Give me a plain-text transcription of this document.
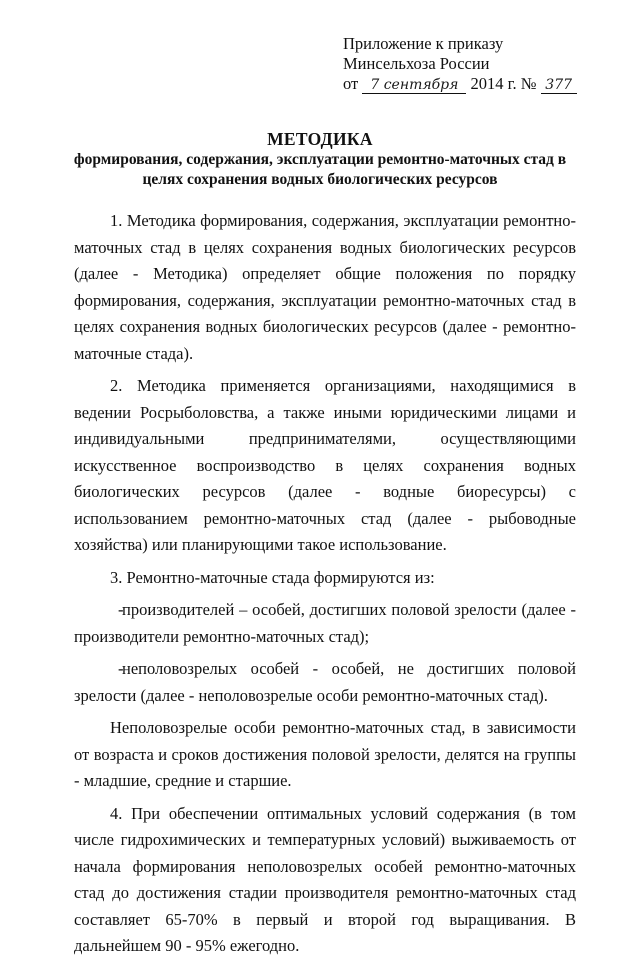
Приложение к приказу
Минсельхоза России
от 7 сентября 2014 г. № 377
МЕТОДИКА
формирования, содержания, эксплуатации ремонтно-маточных стад в
целях сохранения водных биологических ресурсов

1. Методика формирования, содержания, эксплуатации ремонтно-маточных стад в целях сохранения водных биологических ресурсов (далее - Методика) определяет общие положения по порядку формирования, содержания, эксплуатации ремонтно-маточных стад в целях сохранения водных биологических ресурсов (далее - ремонтно-маточные стада).

2. Методика применяется организациями, находящимися в ведении Росрыболовства, а также иными юридическими лицами и индивидуальными предпринимателями, осуществляющими искусственное воспроизводство в целях сохранения водных биологических ресурсов (далее - водные биоресурсы) с использованием ремонтно-маточных стад (далее - рыбоводные хозяйства) или планирующими такое использование.

3. Ремонтно-маточные стада формируются из:

-производителей – особей, достигших половой зрелости (далее - производители ремонтно-маточных стад);

-неполовозрелых особей - особей, не достигших половой зрелости (далее - неполовозрелые особи ремонтно-маточных стад).

Неполовозрелые особи ремонтно-маточных стад, в зависимости от возраста и сроков достижения половой зрелости, делятся на группы - младшие, средние и старшие.

4. При обеспечении оптимальных условий содержания (в том числе гидрохимических и температурных условий) выживаемость от начала формирования неполовозрелых особей ремонтно-маточных стад до достижения стадии производителя ремонтно-маточных стад составляет 65-70% в первый и второй год выращивания. В дальнейшем 90 - 95% ежегодно.
